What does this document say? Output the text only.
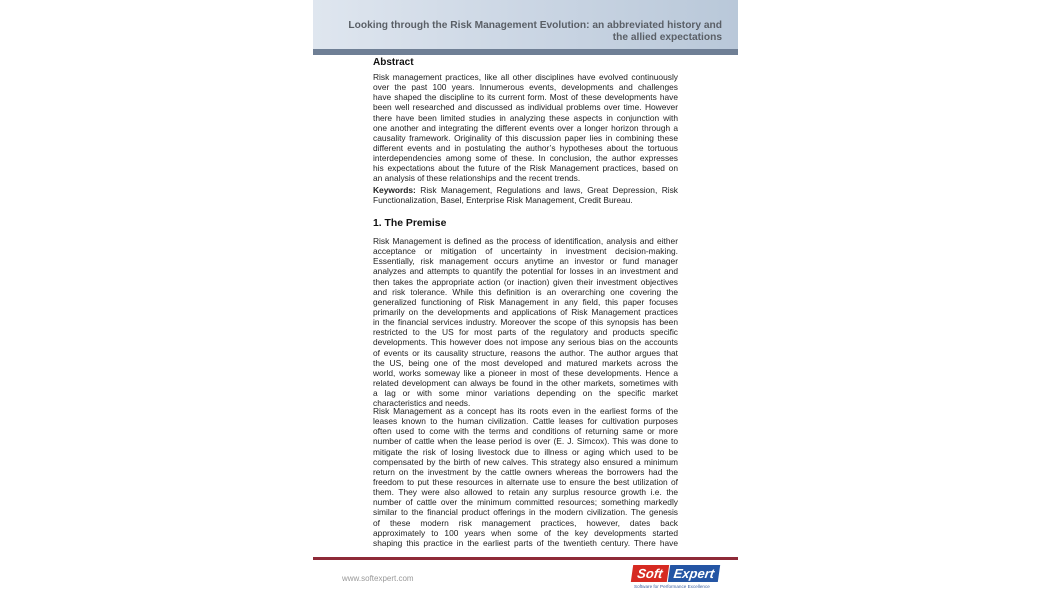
Looking through the Risk Management Evolution: an abbreviated history and
the allied expectations
Abstract
Risk management practices, like all other disciplines have evolved continuously
over the past 100 years. Innumerous events, developments and challenges
have shaped the discipline to its current form. Most of these developments have
been well researched and discussed as individual problems over time. However
there have been limited studies in analyzing these aspects in conjunction with
one another and integrating the different events over a longer horizon through a
causality framework. Originality of this discussion paper lies in combining these
different events and in postulating the author’s hypotheses about the tortuous
interdependencies among some of these. In conclusion, the author expresses
his expectations about the future of the Risk Management practices, based on
an analysis of these relationships and the recent trends.
Keywords: Risk Management, Regulations and laws, Great Depression, Risk
Functionalization, Basel, Enterprise Risk Management, Credit Bureau.
1. The Premise
Risk Management is defined as the process of identification, analysis and either
acceptance or mitigation of uncertainty in investment decision-making.
Essentially, risk management occurs anytime an investor or fund manager
analyzes and attempts to quantify the potential for losses in an investment and
then takes the appropriate action (or inaction) given their investment objectives
and risk tolerance. While this definition is an overarching one covering the
generalized functioning of Risk Management in any field, this paper focuses
primarily on the developments and applications of Risk Management practices
in the financial services industry. Moreover the scope of this synopsis has been
restricted to the US for most parts of the regulatory and products specific
developments. This however does not impose any serious bias on the accounts
of events or its causality structure, reasons the author. The author argues that
the US, being one of the most developed and matured markets across the
world, works someway like a pioneer in most of these developments. Hence a
related development can always be found in the other markets, sometimes with
a lag or with some minor variations depending on the specific market
characteristics and needs.
Risk Management as a concept has its roots even in the earliest forms of the
leases known to the human civilization. Cattle leases for cultivation purposes
often used to come with the terms and conditions of returning same or more
number of cattle when the lease period is over (E. J. Simcox). This was done to
mitigate the risk of losing livestock due to illness or aging which used to be
compensated by the birth of new calves. This strategy also ensured a minimum
return on the investment by the cattle owners whereas the borrowers had the
freedom to put these resources in alternate use to ensure the best utilization of
them. They were also allowed to retain any surplus resource growth i.e. the
number of cattle over the minimum committed resources; something markedly
similar to the financial product offerings in the modern civilization. The genesis
of these modern risk management practices, however, dates back
approximately to 100 years when some of the key developments started
shaping this practice in the earliest parts of the twentieth century. There have
www.softexpert.com	Soft Expert
Software for Performance Excellence
